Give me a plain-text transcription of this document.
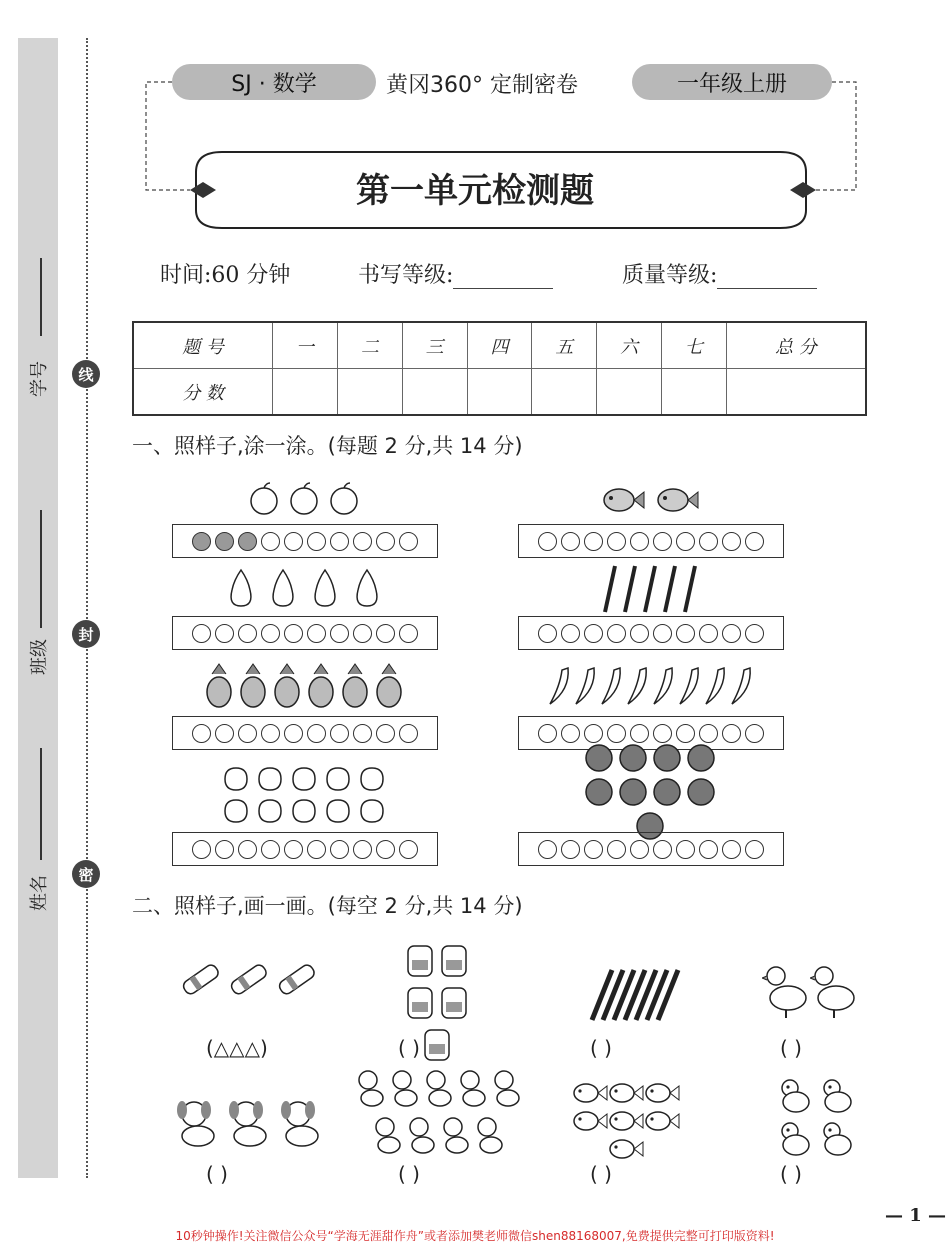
学号
班级
姓名
线
封
密
SJ · 数学	黄冈360° 定制密卷	一年级上册
第一单元检测题
时间:60 分钟	书写等级:	质量等级:
题 号	一	二	三	四	五	六	七	总 分
分 数								
一、照样子,涂一涂。(每题 2 分,共 14 分)
二、照样子,画一画。(每空 2 分,共 14 分)
(△△△)	( )	( )	( )
( )	( )	( )	( )
— 1 —
10秒钟操作!关注微信公众号“学海无涯甜作舟”或者添加樊老师微信shen88168007,免费提供完整可打印版资料!
